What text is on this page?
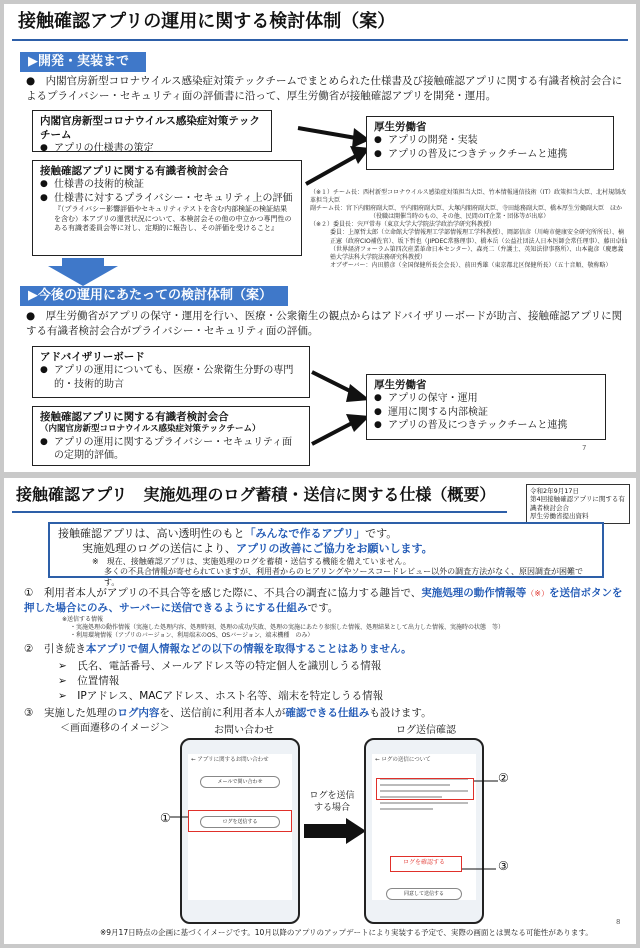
接触確認アプリの運用に関する検討体制（案）
▶開発・実装まで
●　内閣官房新型コロナウイルス感染症対策テックチームでまとめられた仕様書及び接触確認アプリに関する有識者検討会合によるプライバシー・セキュリティ面の評価書に沿って、厚生労働省が接触確認アプリを開発・運用。
内閣官房新型コロナウイルス感染症対策テックチーム
● アプリの仕様書の策定
接触確認アプリに関する有識者検討会合
● 仕様書の技術的検証
● 仕様書に対するプライバシー・セキュリティ上の評価
『（プライバシー影響評価やセキュリティテストを含む内部検証の検証結果を含む）本アプリの運営状況について、本検討会その他の中立かつ専門性のある有識者委員会等に対し、定期的に報告し、その評価を受けること』
厚生労働省
● アプリの開発・実装
● アプリの普及につきテックチームと連携
（※１）チーム長：西村新型コロナウイルス感染症対策担当大臣、竹本情報通信技術（IT）政策担当大臣、北村規制改革担当大臣
副チーム長：宮下内閣府副大臣、平内閣府副大臣、大塚内閣府副大臣、寺田総務副大臣、橋本厚生労働副大臣　ほか
（役職は開催当時のもの、その他、民間のIT企業・団体等が出席）
（※２）委員長：宍戸常寿（東京大学大学院法学政治学研究科教授）
委員：上原哲太郎（立命館大学情報理工学部情報理工学科教授）、岡部信彦（川崎市健康安全研究所所長）、楠正憲（政府CIO補佐官）、坂下哲也（JIPDEC常務理事）、橋本岳（公益社団法人日本医師会常任理事）、藤田卓仙（世界経済フォーラム第四次産業革命日本センター）、森亮二（弁護士、英知法律事務所）、山本龍彦（慶應義塾大学法科大学院法務研究科教授）
オブザーバー：内田勝彦（全国保健所長会会長）、前田秀雄（東京都北区保健所長）（五十音順、敬称略）
▶今後の運用にあたっての検討体制（案）
●　厚生労働省がアプリの保守・運用を行い、医療・公衆衛生の観点からはアドバイザリーボードが助言、接触確認アプリに関する有識者検討会合がプライバシー・セキュリティ面の評価。
アドバイザリーボード
● アプリの運用についても、医療・公衆衛生分野の専門的・技術的助言
接触確認アプリに関する有識者検討会合
（内閣官房新型コロナウイルス感染症対策テックチーム）
● アプリの運用に関するプライバシー・セキュリティ面の定期的評価。
厚生労働省
● アプリの保守・運用
● 運用に関する内部検証
● アプリの普及につきテックチームと連携
7
接触確認アプリ　実施処理のログ蓄積・送信に関する仕様（概要）	令和2年9月17日
第4回接触確認アプリに関する有識者検討会合
厚生労働省提出資料
接触確認アプリは、高い透明性のもと「みんなで作るアプリ」です。
実施処理のログの送信により、アプリの改善にご協力をお願いします。
※　現在、接触確認アプリは、実施処理のログを蓄積・送信する機能を備えていません。
多くの不具合情報が寄せられていますが、利用者からのヒアリングやソースコードレビュー以外の調査方法がなく、原因調査が困難です。
①　利用者本人がアプリの不具合等を感じた際に、不具合の調査に協力する趣旨で、実施処理の動作情報等（※）を送信ボタンを押した場合にのみ、サーバーに送信できるようにする仕組みです。
※送信する情報
・実施処理の動作情報（実施した処理内容、処理時刻、処理の成功/失敗、処理の実施にあたり参照した情報、処理結果として出力した情報、実施時の状態　等）
・利用環境情報（アプリのバージョン、利用端末のOS、OSバージョン、端末機種　のみ）
②　引き続き本アプリで個人情報などの以下の情報を取得することはありません。
➢　氏名、電話番号、メールアドレス等の特定個人を識別しうる情報
➢　位置情報
➢　IPアドレス、MACアドレス、ホスト名等、端末を特定しうる情報
③　実施した処理のログ内容を、送信前に利用者本人が確認できる仕組みも設けます。
＜画面遷移のイメージ＞	お問い合わせ	ログ送信確認
← アプリに関するお問い合わせ
メールで問い合わせ
ログを送信する
①
ログを送信する場合
← ログの送信について
ログを確認する
同意して送信する
②
③
※9月17日時点の企画に基づくイメージです。10月以降のアプリのアップデートにより実装する予定で、実際の画面とは異なる可能性があります。
8
